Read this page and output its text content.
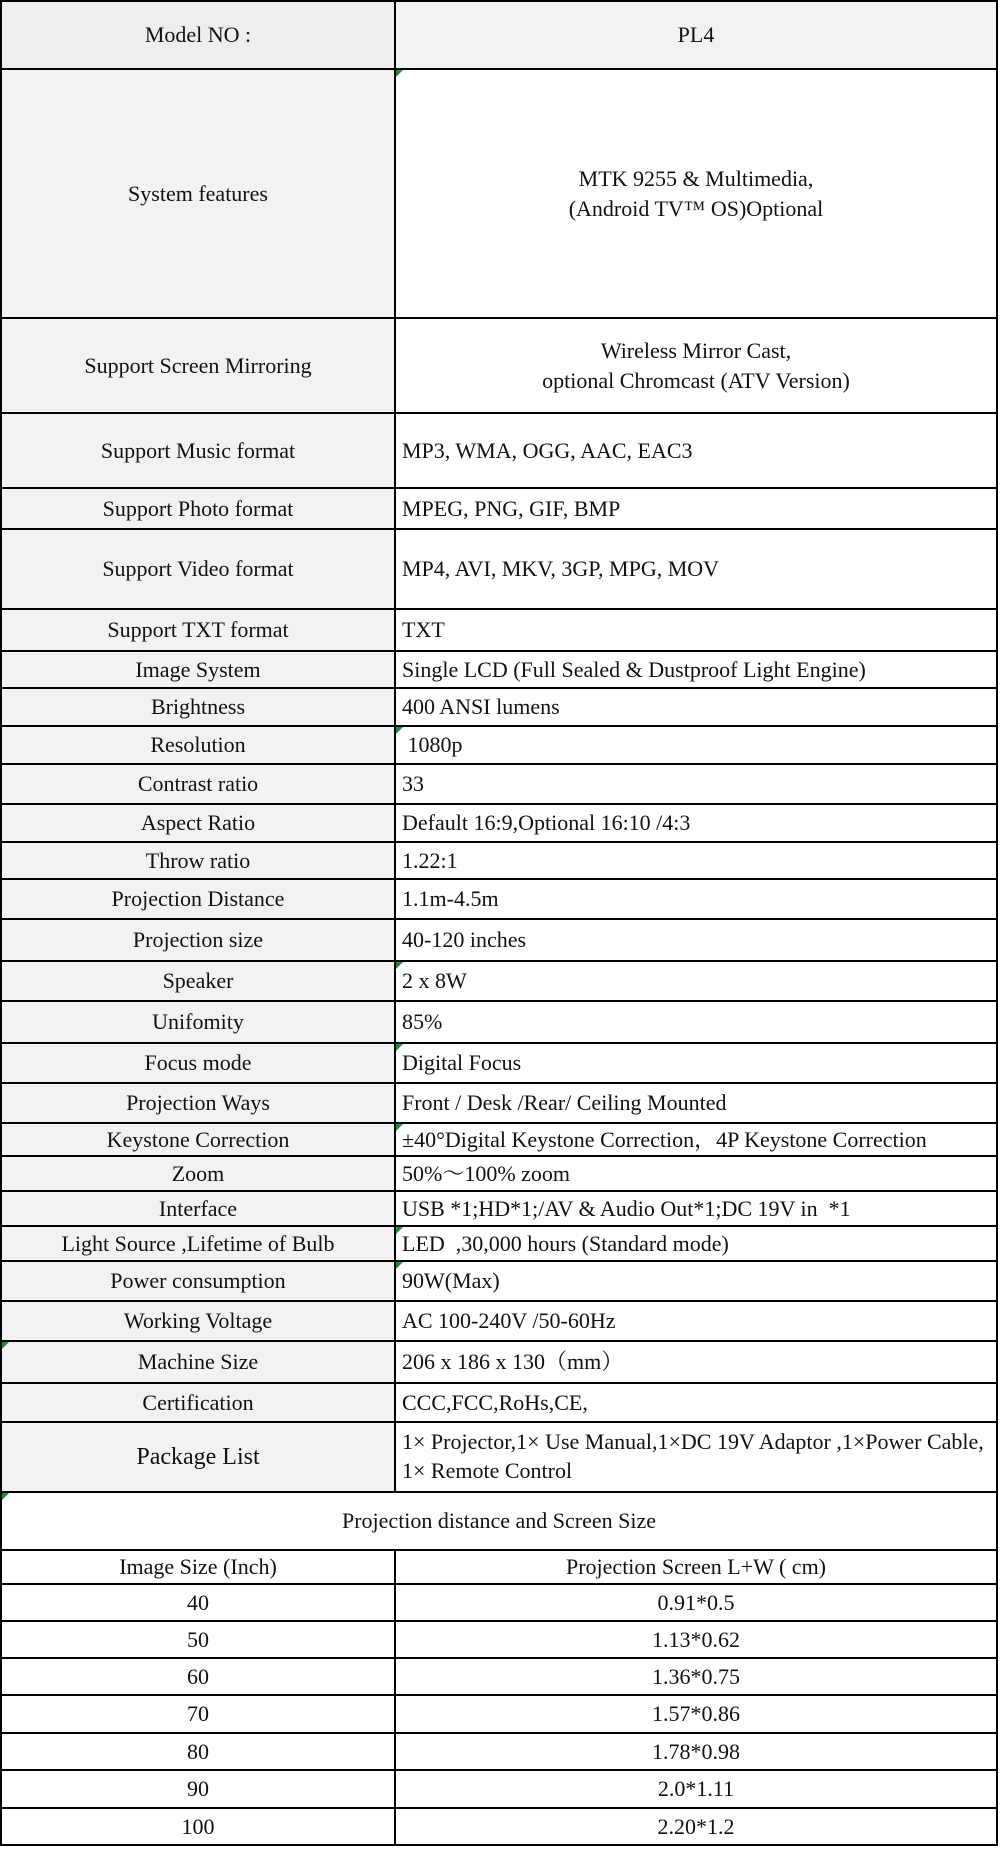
Model NO :	PL4
System features	MTK 9255 & Multimedia,
(Android TV™ OS)Optional

Support Screen Mirroring	Wireless Mirror Cast,
optional Chromcast (ATV Version)

Support Music format	MP3, WMA, OGG, AAC, EAC3
Support Photo format	MPEG, PNG, GIF, BMP
Support Video format	MP4, AVI, MKV, 3GP, MPG, MOV
Support TXT format	TXT
Image System	Single LCD (Full Sealed & Dustproof Light Engine)
Brightness	400 ANSI lumens
Resolution	1080p
Contrast ratio	33
Aspect Ratio	Default 16:9,Optional 16:10 /4:3
Throw ratio	1.22:1
Projection Distance	1.1m-4.5m
Projection size	40-120 inches
Speaker	2 x 8W
Unifomity	85%
Focus mode	Digital Focus
Projection Ways	Front / Desk /Rear/ Ceiling Mounted
Keystone Correction	±40°Digital Keystone Correction，4P Keystone Correction
Zoom	50%～100% zoom
Interface	USB *1;HD*1;/AV & Audio Out*1;DC 19V in  *1
Light Source ,Lifetime of Bulb	LED  ,30,000 hours (Standard mode)
Power consumption	90W(Max)
Working Voltage	AC 100-240V /50-60Hz
Machine Size	206 x 186 x 130（mm）
Certification	CCC,FCC,RoHs,CE,
Package List	1× Projector,1× Use Manual,1×DC 19V Adaptor ,1×Power Cable, 1× Remote Control
Projection distance and Screen Size	
Image Size (Inch)	Projection Screen L+W ( cm)
40	0.91*0.5
50	1.13*0.62
60	1.36*0.75
70	1.57*0.86
80	1.78*0.98
90	2.0*1.11
100	2.20*1.2
